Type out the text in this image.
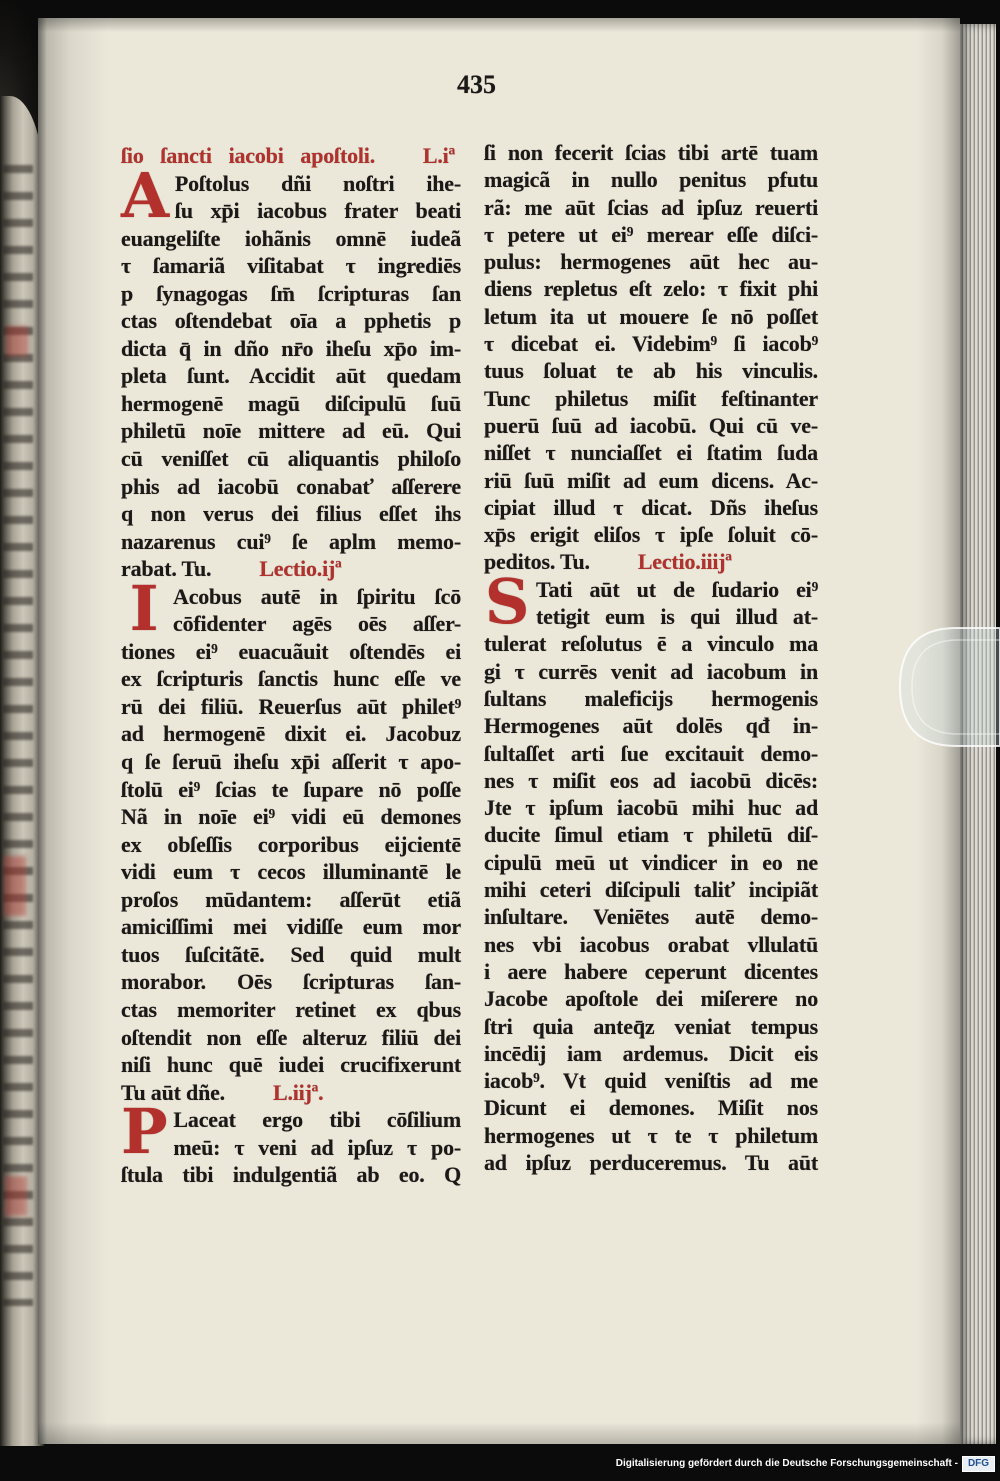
435
ſio ſancti iacobi apoſtoli. L.iª
A Poſtolus dñi noſtri ihe-
ſu xp̄i iacobus frater beati
euangeliſte iohãnis omnē iudeã
τ ſamariã viſitabat τ ingrediēs
p ſynagogas ſm̄ ſcripturas ſan
ctas oſtendebat oīa a pphetis p
dicta q̄ in dño nr̄o iheſu xp̄o im-
pleta ſunt. Accidit aūt quedam
hermogenē magū diſcipulū ſuū
philetū noīe mittere ad eū. Qui
cū veniſſet cū aliquantis philoſo
phis ad iacobū conabať aſſerere
q non verus dei filius eſſet ihs
nazarenus cui⁹ ſe aplm memo-
rabat. Tu. Lectio.ijª
I Acobus autē in ſpiritu ſcō
cōfidenter agēs oēs aſſer-
tiones ei⁹ euacuãuit oſtendēs ei
ex ſcripturis ſanctis hunc eſſe ve
rū dei filiū. Reuerſus aūt philet⁹
ad hermogenē dixit ei. Jacobuz
q ſe ſeruū iheſu xp̄i aſſerit τ apo-
ſtolū ei⁹ ſcias te ſupare nō poſſe
Nã in noīe ei⁹ vidi eū demones
ex obſeſſis corporibus eijcientē
vidi eum τ cecos illuminantē le
proſos mūdantem: aſſerūt etiã
amiciſſimi mei vidiſſe eum mor
tuos ſuſcitãtē. Sed quid mult
morabor. Oēs ſcripturas ſan-
ctas memoriter retinet ex qbus
oſtendit non eſſe alteruz filiū dei
niſi hunc quē iudei crucifixerunt
Tu aūt dñe. L.iijª.
P Laceat ergo tibi cōſilium
meū: τ veni ad ipſuz τ po-
ſtula tibi indulgentiã ab eo. Q
ſi non fecerit ſcias tibi artē tuam
magicã in nullo penitus pfutu
rã: me aūt ſcias ad ipſuz reuerti
τ petere ut ei⁹ merear eſſe diſci-
pulus: hermogenes aūt hec au-
diens repletus eſt zelo: τ fixit phi
letum ita ut mouere ſe nō poſſet
τ dicebat ei. Videbim⁹ ſi iacob⁹
tuus ſoluat te ab his vinculis.
Tunc philetus miſit feſtinanter
puerū ſuū ad iacobū. Qui cū ve-
niſſet τ nunciaſſet ei ſtatim ſuda
riū ſuū miſit ad eum dicens. Ac-
cipiat illud τ dicat. Dñs iheſus
xp̄s erigit eliſos τ ipſe ſoluit cō-
peditos. Tu. Lectio.iiijª
S Tati aūt ut de ſudario ei⁹
tetigit eum is qui illud at-
tulerat reſolutus ē a vinculo ma
gi τ currēs venit ad iacobum in
ſultans maleficijs hermogenis
Hermogenes aūt dolēs qđ in-
ſultaſſet arti ſue excitauit demo-
nes τ miſit eos ad iacobū dicēs:
Jte τ ipſum iacobū mihi huc ad
ducite ſimul etiam τ philetū diſ-
cipulū meū ut vindicer in eo ne
mihi ceteri diſcipuli taliť incipiãt
inſultare. Veniētes autē demo-
nes vbi iacobus orabat vllulatū
i aere habere ceperunt dicentes
Jacobe apoſtole dei miſerere no
ſtri quia anteq̄z veniat tempus
incēdij iam ardemus. Dicit eis
iacob⁹. Vt quid veniſtis ad me
Dicunt ei demones. Miſit nos
hermogenes ut τ te τ philetum
ad ipſuz perduceremus. Tu aūt
Digitalisierung gefördert durch die Deutsche Forschungsgemeinschaft - DFG
